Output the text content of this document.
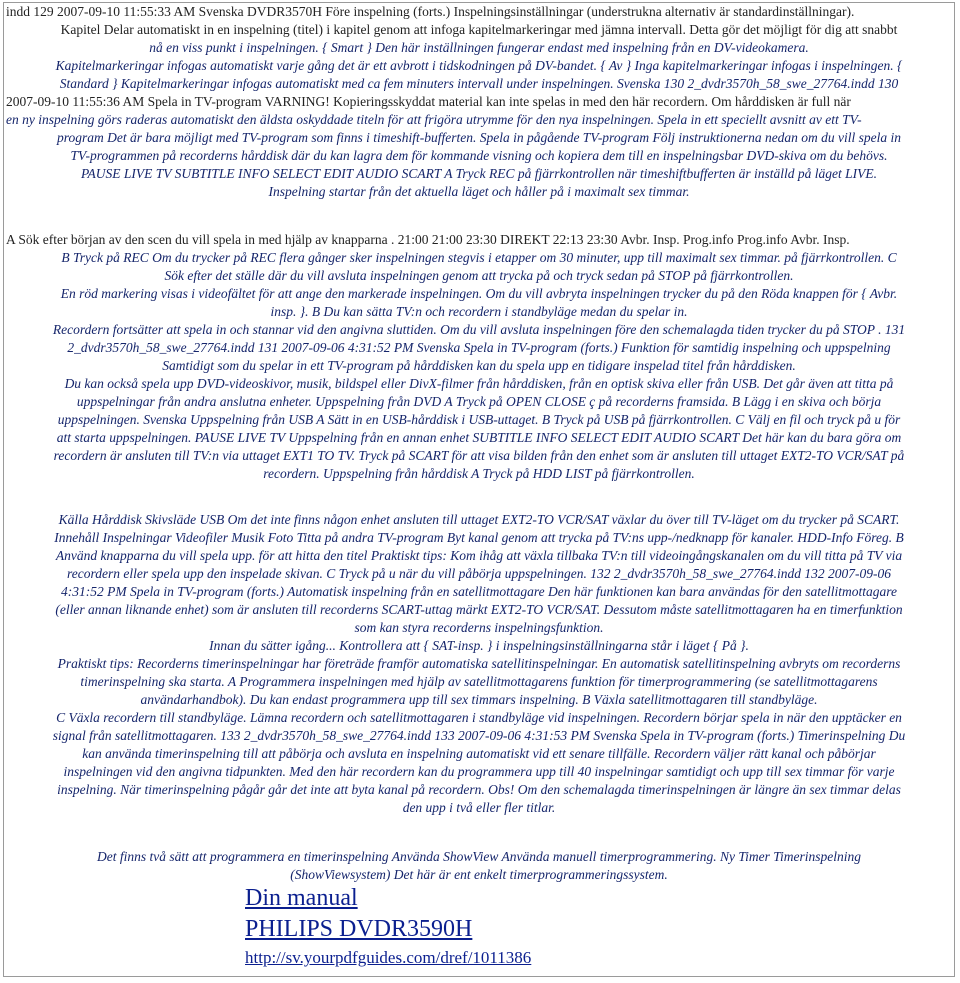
indd 129 2007-09-10 11:55:33 AM Svenska DVDR3570H Före inspelning (forts.) Inspelningsinställningar (understrukna alternativ är standardinställningar).
Kapitel Delar automatiskt in en inspelning (titel) i kapitel genom att infoga kapitelmarkeringar med jämna intervall. Detta gör det möjligt för dig att snabbt
nå en viss punkt i inspelningen. { Smart } Den här inställningen fungerar endast med inspelning från en DV-videokamera.
Kapitelmarkeringar infogas automatiskt varje gång det är ett avbrott i tidskodningen på DV-bandet. { Av } Inga kapitelmarkeringar infogas i inspelningen. {
Standard } Kapitelmarkeringar infogas automatiskt med ca fem minuters intervall under inspelningen. Svenska 130 2_dvdr3570h_58_swe_27764.indd 130
2007-09-10 11:55:36 AM Spela in TV-program VARNING! Kopieringsskyddat material kan inte spelas in med den här recordern. Om hårddisken är full när
en ny inspelning görs raderas automatiskt den äldsta oskyddade titeln för att frigöra utrymme för den nya inspelningen. Spela in ett speciellt avsnitt av ett TV-
program Det är bara möjligt med TV-program som finns i timeshift-bufferten. Spela in pågående TV-program Följ instruktionerna nedan om du vill spela in
TV-programmen på recorderns hårddisk där du kan lagra dem för kommande visning och kopiera dem till en inspelningsbar DVD-skiva om du behövs.
PAUSE LIVE TV SUBTITLE INFO SELECT EDIT AUDIO SCART A Tryck REC på fjärrkontrollen när timeshiftbufferten är inställd på läget LIVE.
Inspelning startar från det aktuella läget och håller på i maximalt sex timmar.
A Sök efter början av den scen du vill spela in med hjälp av knapparna . 21:00 21:00 23:30 DIREKT 22:13 23:30 Avbr. Insp. Prog.info Prog.info Avbr. Insp.
B Tryck på REC Om du trycker på REC flera gånger sker inspelningen stegvis i etapper om 30 minuter, upp till maximalt sex timmar. på fjärrkontrollen. C
Sök efter det ställe där du vill avsluta inspelningen genom att trycka på och tryck sedan på STOP på fjärrkontrollen.
En röd markering visas i videofältet för att ange den markerade inspelningen. Om du vill avbryta inspelningen trycker du på den Röda knappen för { Avbr.
insp. }. B Du kan sätta TV:n och recordern i standbyläge medan du spelar in.
Recordern fortsätter att spela in och stannar vid den angivna sluttiden. Om du vill avsluta inspelningen före den schemalagda tiden trycker du på STOP . 131
2_dvdr3570h_58_swe_27764.indd 131 2007-09-06 4:31:52 PM Svenska Spela in TV-program (forts.) Funktion för samtidig inspelning och uppspelning
Samtidigt som du spelar in ett TV-program på hårddisken kan du spela upp en tidigare inspelad titel från hårddisken.
Du kan också spela upp DVD-videoskivor, musik, bildspel eller DivX-filmer från hårddisken, från en optisk skiva eller från USB. Det går även att titta på
uppspelningar från andra anslutna enheter. Uppspelning från DVD A Tryck på OPEN CLOSE ç på recorderns framsida. B Lägg i en skiva och börja
uppspelningen. Svenska Uppspelning från USB A Sätt in en USB-hårddisk i USB-uttaget. B Tryck på USB på fjärrkontrollen. C Välj en fil och tryck på u för
att starta uppspelningen. PAUSE LIVE TV Uppspelning från en annan enhet SUBTITLE INFO SELECT EDIT AUDIO SCART Det här kan du bara göra om
recordern är ansluten till TV:n via uttaget EXT1 TO TV. Tryck på SCART för att visa bilden från den enhet som är ansluten till uttaget EXT2-TO VCR/SAT på
recordern. Uppspelning från hårddisk A Tryck på HDD LIST på fjärrkontrollen.
Källa Hårddisk Skivsläde USB Om det inte finns någon enhet ansluten till uttaget EXT2-TO VCR/SAT växlar du över till TV-läget om du trycker på SCART.
Innehåll Inspelningar Videofiler Musik Foto Titta på andra TV-program Byt kanal genom att trycka på TV:ns upp-/nedknapp för kanaler. HDD-Info Föreg. B
Använd knapparna du vill spela upp. för att hitta den titel Praktiskt tips: Kom ihåg att växla tillbaka TV:n till videoingångskanalen om du vill titta på TV via
recordern eller spela upp den inspelade skivan. C Tryck på u när du vill påbörja uppspelningen. 132 2_dvdr3570h_58_swe_27764.indd 132 2007-09-06
4:31:52 PM Spela in TV-program (forts.) Automatisk inspelning från en satellitmottagare Den här funktionen kan bara användas för den satellitmottagare
(eller annan liknande enhet) som är ansluten till recorderns SCART-uttag märkt EXT2-TO VCR/SAT. Dessutom måste satellitmottagaren ha en timerfunktion
som kan styra recorderns inspelningsfunktion.
Innan du sätter igång... Kontrollera att { SAT-insp. } i inspelningsinställningarna står i läget { På }.
Praktiskt tips: Recorderns timerinspelningar har företräde framför automatiska satellitinspelningar. En automatisk satellitinspelning avbryts om recorderns
timerinspelning ska starta. A Programmera inspelningen med hjälp av satellitmottagarens funktion för timerprogrammering (se satellitmottagarens
användarhandbok). Du kan endast programmera upp till sex timmars inspelning. B Växla satellitmottagaren till standbyläge.
C Växla recordern till standbyläge. Lämna recordern och satellitmottagaren i standbyläge vid inspelningen. Recordern börjar spela in när den upptäcker en
signal från satellitmottagaren. 133 2_dvdr3570h_58_swe_27764.indd 133 2007-09-06 4:31:53 PM Svenska Spela in TV-program (forts.) Timerinspelning Du
kan använda timerinspelning till att påbörja och avsluta en inspelning automatiskt vid ett senare tillfälle. Recordern väljer rätt kanal och påbörjar
inspelningen vid den angivna tidpunkten. Med den här recordern kan du programmera upp till 40 inspelningar samtidigt och upp till sex timmar för varje
inspelning. När timerinspelning pågår går det inte att byta kanal på recordern. Obs! Om den schemalagda timerinspelningen är längre än sex timmar delas
den upp i två eller fler titlar.
Det finns två sätt att programmera en timerinspelning Använda ShowView Använda manuell timerprogrammering. Ny Timer Timerinspelning
(ShowViewsystem) Det här är ent enkelt timerprogrammeringssystem.
Din manual
PHILIPS DVDR3590H
http://sv.yourpdfguides.com/dref/1011386
